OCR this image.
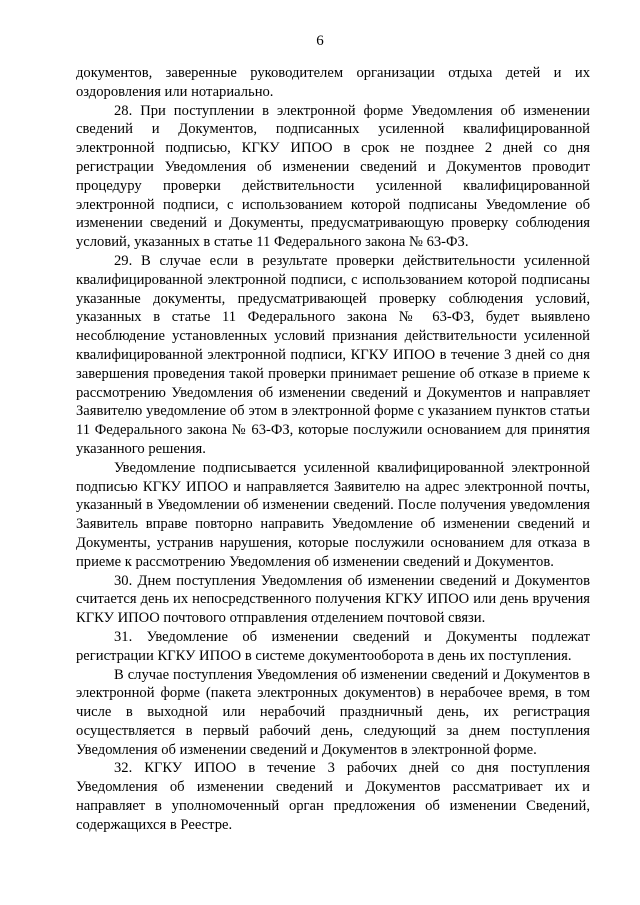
6

документов, заверенные руководителем организации отдыха детей и их оздоровления или нотариально.

28. При поступлении в электронной форме Уведомления об изменении сведений и Документов, подписанных усиленной квалифицированной электронной подписью, КГКУ ИПОО в срок не позднее 2 дней со дня регистрации Уведомления об изменении сведений и Документов проводит процедуру проверки действительности усиленной квалифицированной электронной подписи, с использованием которой подписаны Уведомление об изменении сведений и Документы, предусматривающую проверку соблюдения условий, указанных в статье 11 Федерального закона № 63-ФЗ.

29. В случае если в результате проверки действительности усиленной квалифицированной электронной подписи, с использованием которой подписаны указанные документы, предусматривающей проверку соблюдения условий, указанных в статье 11 Федерального закона № 63-ФЗ, будет выявлено несоблюдение установленных условий признания действительности усиленной квалифицированной электронной подписи, КГКУ ИПОО в течение 3 дней со дня завершения проведения такой проверки принимает решение об отказе в приеме к рассмотрению Уведомления об изменении сведений и Документов и направляет Заявителю уведомление об этом в электронной форме с указанием пунктов статьи 11 Федерального закона № 63-ФЗ, которые послужили основанием для принятия указанного решения.

Уведомление подписывается усиленной квалифицированной электронной подписью КГКУ ИПОО и направляется Заявителю на адрес электронной почты, указанный в Уведомлении об изменении сведений. После получения уведомления Заявитель вправе повторно направить Уведомление об изменении сведений и Документы, устранив нарушения, которые послужили основанием для отказа в приеме к рассмотрению Уведомления об изменении сведений и Документов.

30. Днем поступления Уведомления об изменении сведений и Документов считается день их непосредственного получения КГКУ ИПОО или день вручения КГКУ ИПОО почтового отправления отделением почтовой связи.

31. Уведомление об изменении сведений и Документы подлежат регистрации КГКУ ИПОО в системе документооборота в день их поступления.

В случае поступления Уведомления об изменении сведений и Документов в электронной форме (пакета электронных документов) в нерабочее время, в том числе в выходной или нерабочий праздничный день, их регистрация осуществляется в первый рабочий день, следующий за днем поступления Уведомления об изменении сведений и Документов в электронной форме.

32. КГКУ ИПОО в течение 3 рабочих дней со дня поступления Уведомления об изменении сведений и Документов рассматривает их и направляет в уполномоченный орган предложения об изменении Сведений, содержащихся в Реестре.
